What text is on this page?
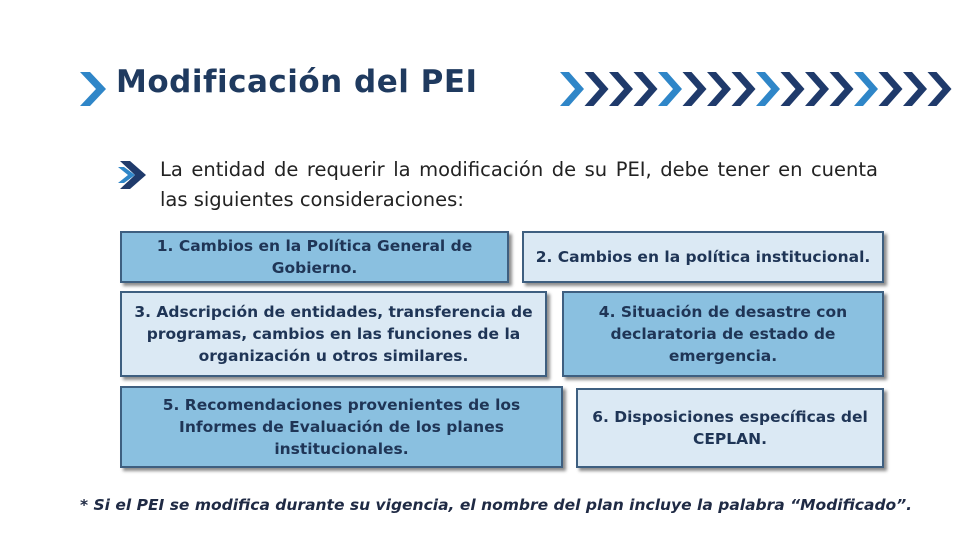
Modificación del PEI
La entidad de requerir la modificación de su PEI, debe tener en cuenta las siguientes consideraciones:
1. Cambios en la Política General de Gobierno.
2. Cambios en la política institucional.
3. Adscripción de entidades, transferencia de programas, cambios en las funciones de la organización u otros similares.
4. Situación de desastre con declaratoria de estado de emergencia.
5. Recomendaciones provenientes de los Informes de Evaluación de los planes institucionales.
6. Disposiciones específicas del CEPLAN.
* Si el PEI se modifica durante su vigencia, el nombre del plan incluye la palabra “Modificado”.
